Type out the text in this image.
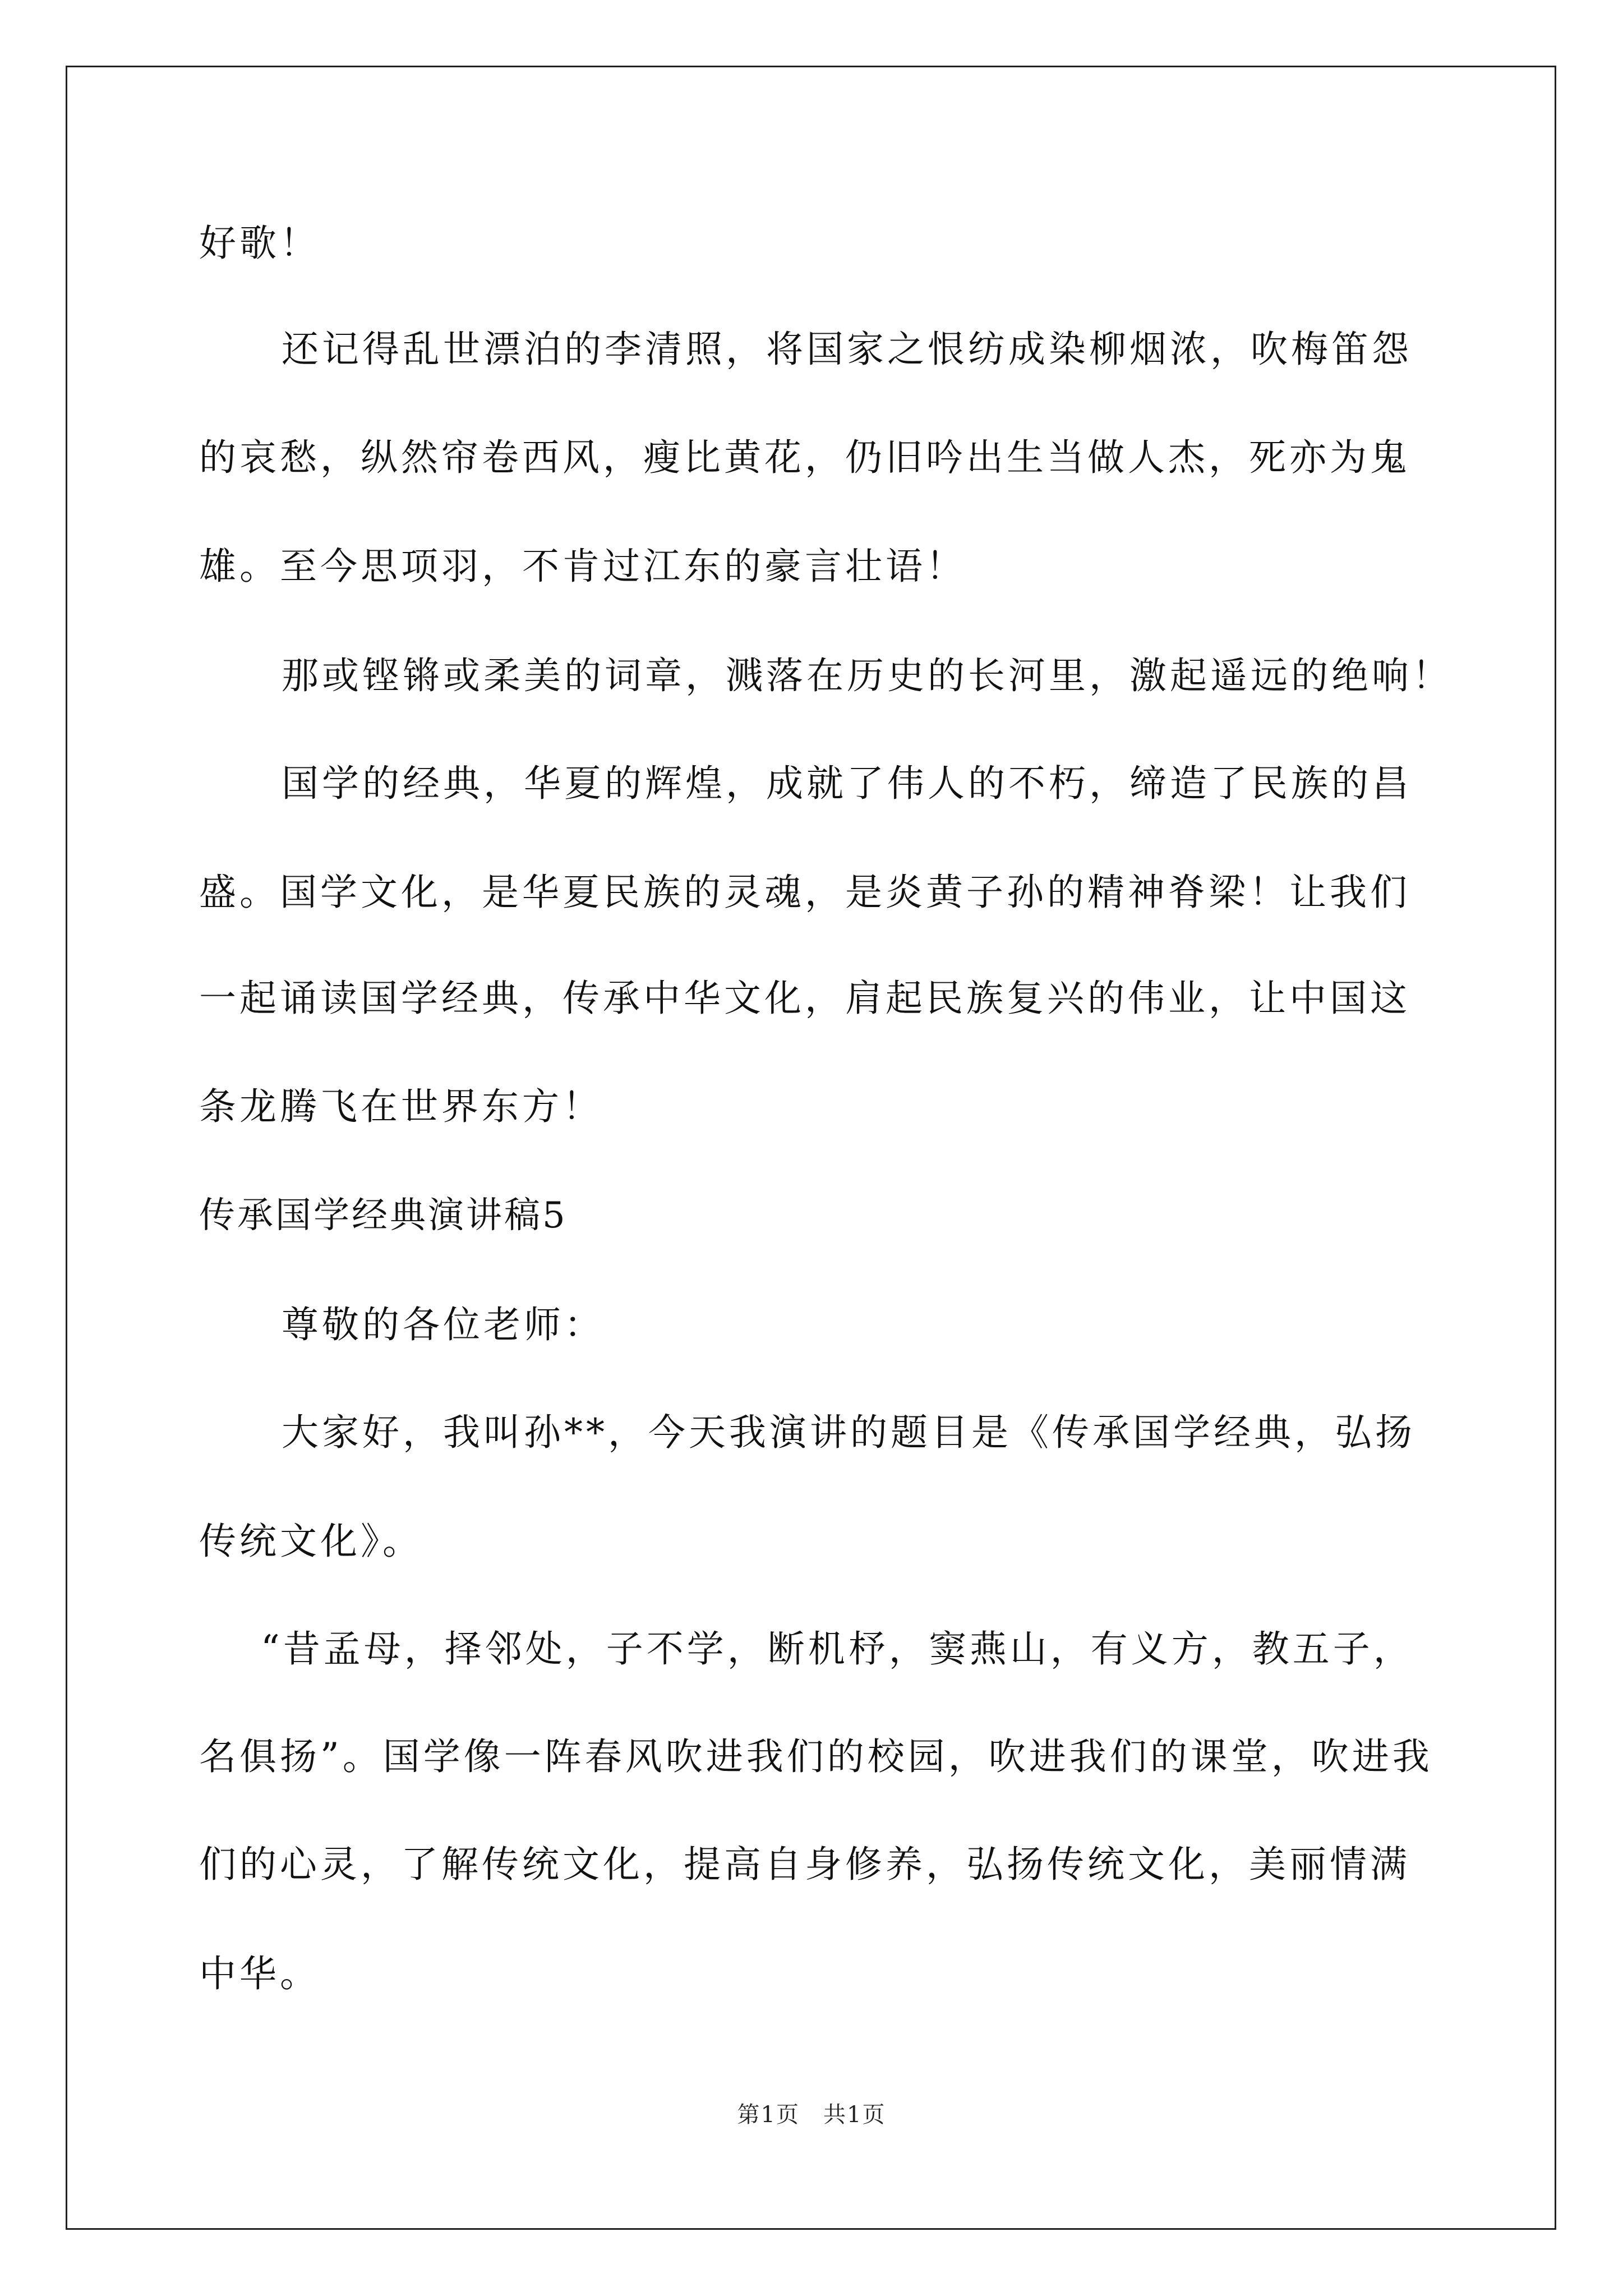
好歌！

还记得乱世漂泊的李清照，将国家之恨纺成染柳烟浓，吹梅笛怨

的哀愁，纵然帘卷西风，瘦比黄花，仍旧吟出生当做人杰，死亦为鬼

雄。至今思项羽，不肯过江东的豪言壮语！

那或铿锵或柔美的词章，溅落在历史的长河里，激起遥远的绝响！

国学的经典，华夏的辉煌，成就了伟人的不朽，缔造了民族的昌

盛。国学文化，是华夏民族的灵魂，是炎黄子孙的精神脊梁！让我们

一起诵读国学经典，传承中华文化，肩起民族复兴的伟业，让中国这

条龙腾飞在世界东方！

传承国学经典演讲稿5

尊敬的各位老师：

大家好，我叫孙**，今天我演讲的题目是《传承国学经典，弘扬

传统文化》。

“昔孟母，择邻处，子不学，断机杼，窦燕山，有义方，教五子，

名俱扬”。国学像一阵春风吹进我们的校园，吹进我们的课堂，吹进我

们的心灵，了解传统文化，提高自身修养，弘扬传统文化，美丽情满

中华。

第1页　共1页
